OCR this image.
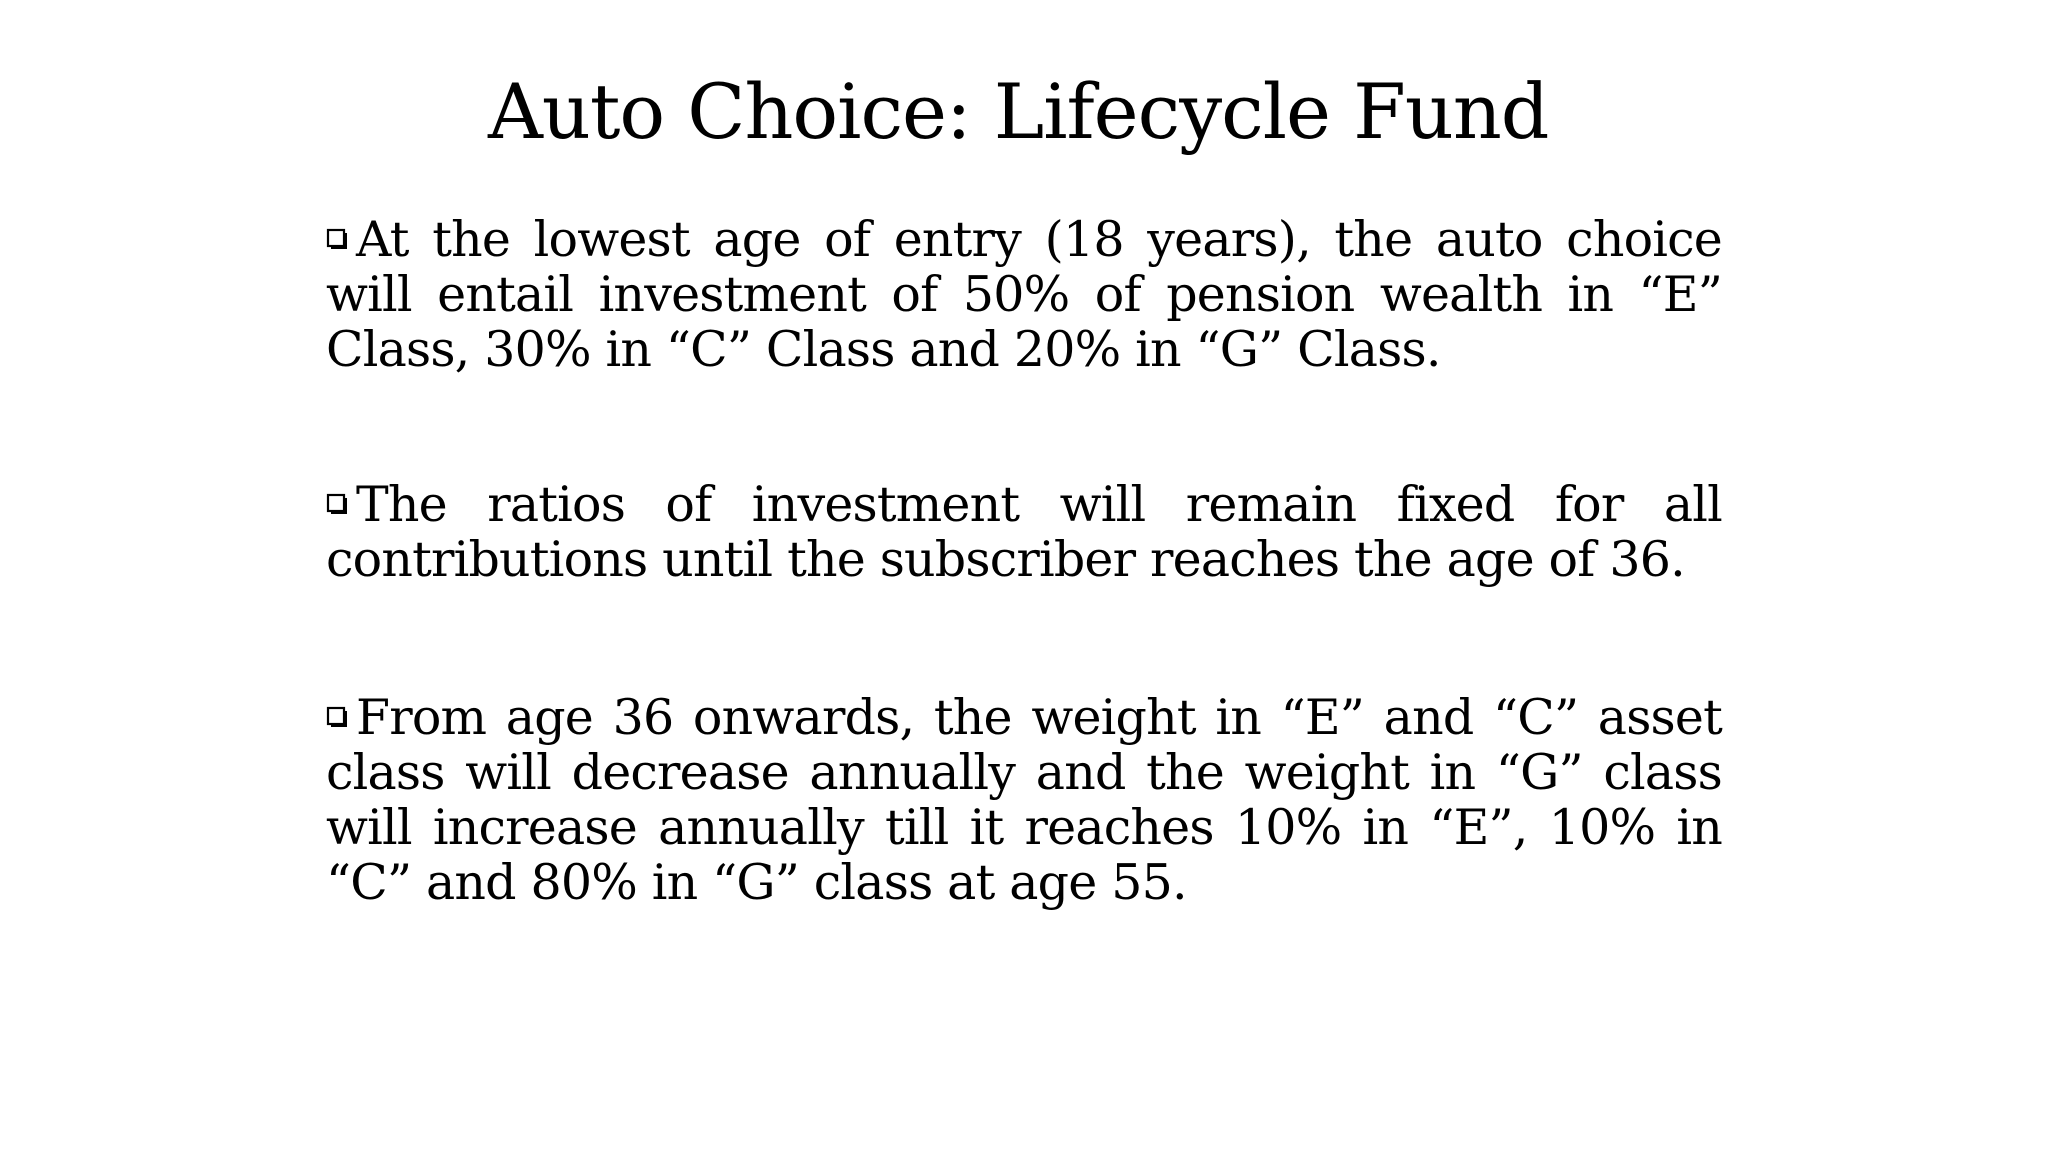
Auto Choice: Lifecycle Fund

At the lowest age of entry (18 years), the auto choice will entail investment of 50% of pension wealth in “E” Class, 30% in “C” Class and 20% in “G” Class.

The ratios of investment will remain fixed for all contributions until the subscriber reaches the age of 36.

From age 36 onwards, the weight in “E” and “C” asset class will decrease annually and the weight in “G” class will increase annually till it reaches 10% in “E”, 10% in “C” and 80% in “G” class at age 55.
